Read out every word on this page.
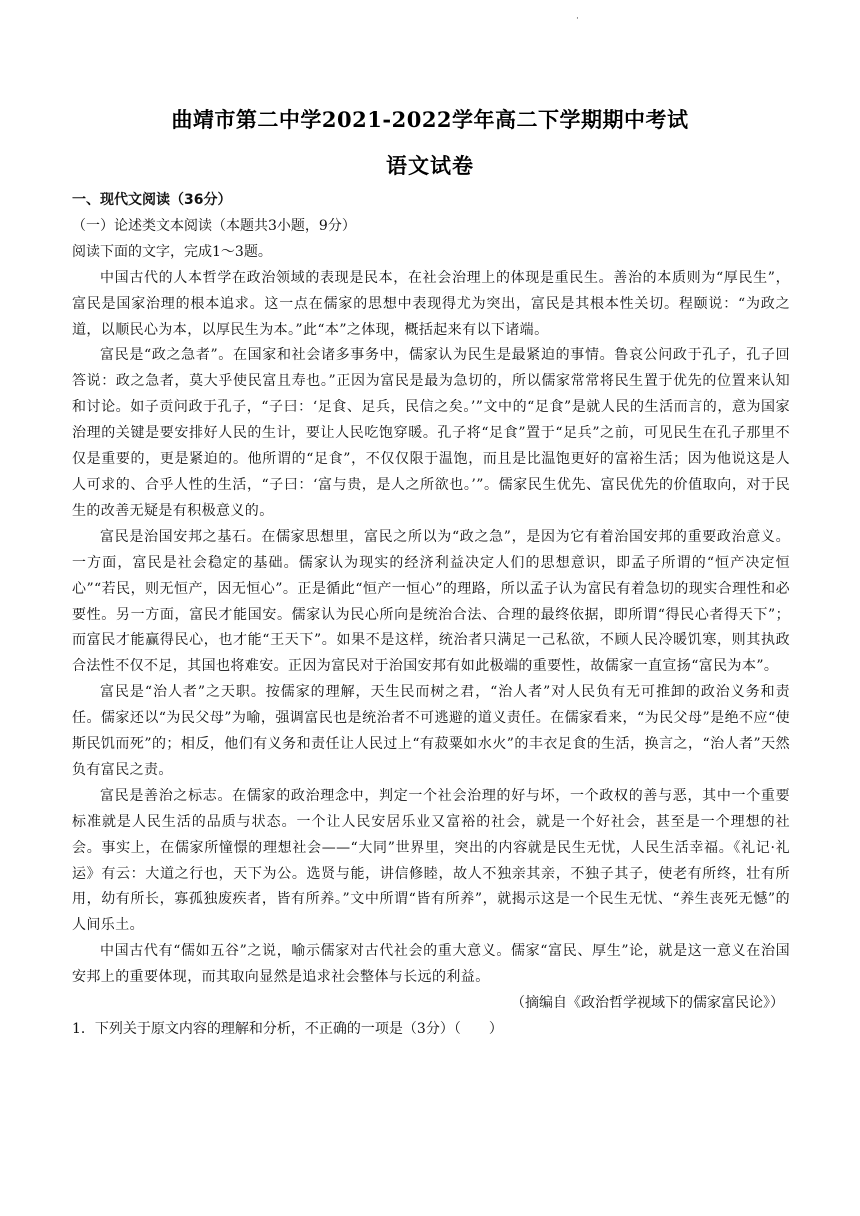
·
曲靖市第二中学2021-2022学年高二下学期期中考试
语文试卷

一、现代文阅读（36分）

（一）论述类文本阅读（本题共3小题，9分）

阅读下面的文字，完成1～3题。

中国古代的人本哲学在政治领域的表现是民本，在社会治理上的体现是重民生。善治的本质则为“厚民生”，富民是国家治理的根本追求。这一点在儒家的思想中表现得尤为突出，富民是其根本性关切。程颐说：“为政之道，以顺民心为本，以厚民生为本。”此“本”之体现，概括起来有以下诸端。

富民是“政之急者”。在国家和社会诸多事务中，儒家认为民生是最紧迫的事情。鲁哀公问政于孔子，孔子回答说：政之急者，莫大乎使民富且寿也。”正因为富民是最为急切的，所以儒家常常将民生置于优先的位置来认知和讨论。如子贡问政于孔子，“子曰：‘足食、足兵，民信之矣。’”文中的“足食”是就人民的生活而言的，意为国家治理的关键是要安排好人民的生计，要让人民吃饱穿暖。孔子将“足食”置于“足兵”之前，可见民生在孔子那里不仅是重要的，更是紧迫的。他所谓的“足食”，不仅仅限于温饱，而且是比温饱更好的富裕生活；因为他说这是人人可求的、合乎人性的生活，“子曰：‘富与贵，是人之所欲也。’”。儒家民生优先、富民优先的价值取向，对于民生的改善无疑是有积极意义的。

富民是治国安邦之基石。在儒家思想里，富民之所以为“政之急”，是因为它有着治国安邦的重要政治意义。一方面，富民是社会稳定的基础。儒家认为现实的经济利益决定人们的思想意识，即孟子所谓的“恒产决定恒心”“若民，则无恒产，因无恒心”。正是循此“恒产一恒心”的理路，所以孟子认为富民有着急切的现实合理性和必要性。另一方面，富民才能国安。儒家认为民心所向是统治合法、合理的最终依据，即所谓“得民心者得天下”；而富民才能赢得民心，也才能“王天下”。如果不是这样，统治者只满足一己私欲，不顾人民冷暖饥寒，则其执政合法性不仅不足，其国也将难安。正因为富民对于治国安邦有如此极端的重要性，故儒家一直宣扬“富民为本”。

富民是“治人者”之天职。按儒家的理解，天生民而树之君，“治人者”对人民负有无可推卸的政治义务和责任。儒家还以“为民父母”为喻，强调富民也是统治者不可逃避的道义责任。在儒家看来，“为民父母”是绝不应“使斯民饥而死”的；相反，他们有义务和责任让人民过上“有菽粟如水火”的丰衣足食的生活，换言之，“治人者”天然负有富民之责。

富民是善治之标志。在儒家的政治理念中，判定一个社会治理的好与坏，一个政权的善与恶，其中一个重要标准就是人民生活的品质与状态。一个让人民安居乐业又富裕的社会，就是一个好社会，甚至是一个理想的社会。事实上，在儒家所憧憬的理想社会——“大同”世界里，突出的内容就是民生无忧，人民生活幸福。《礼记·礼运》有云：大道之行也，天下为公。选贤与能，讲信修睦，故人不独亲其亲，不独子其子，使老有所终，壮有所用，幼有所长，寡孤独废疾者，皆有所养。”文中所谓“皆有所养”，就揭示这是一个民生无忧、“养生丧死无憾”的人间乐土。

中国古代有“儒如五谷”之说，喻示儒家对古代社会的重大意义。儒家“富民、厚生”论，就是这一意义在治国安邦上的重要体现，而其取向显然是追求社会整体与长远的利益。

（摘编自《政治哲学视域下的儒家富民论》）

1．下列关于原文内容的理解和分析，不正确的一项是（3分）（　　）
